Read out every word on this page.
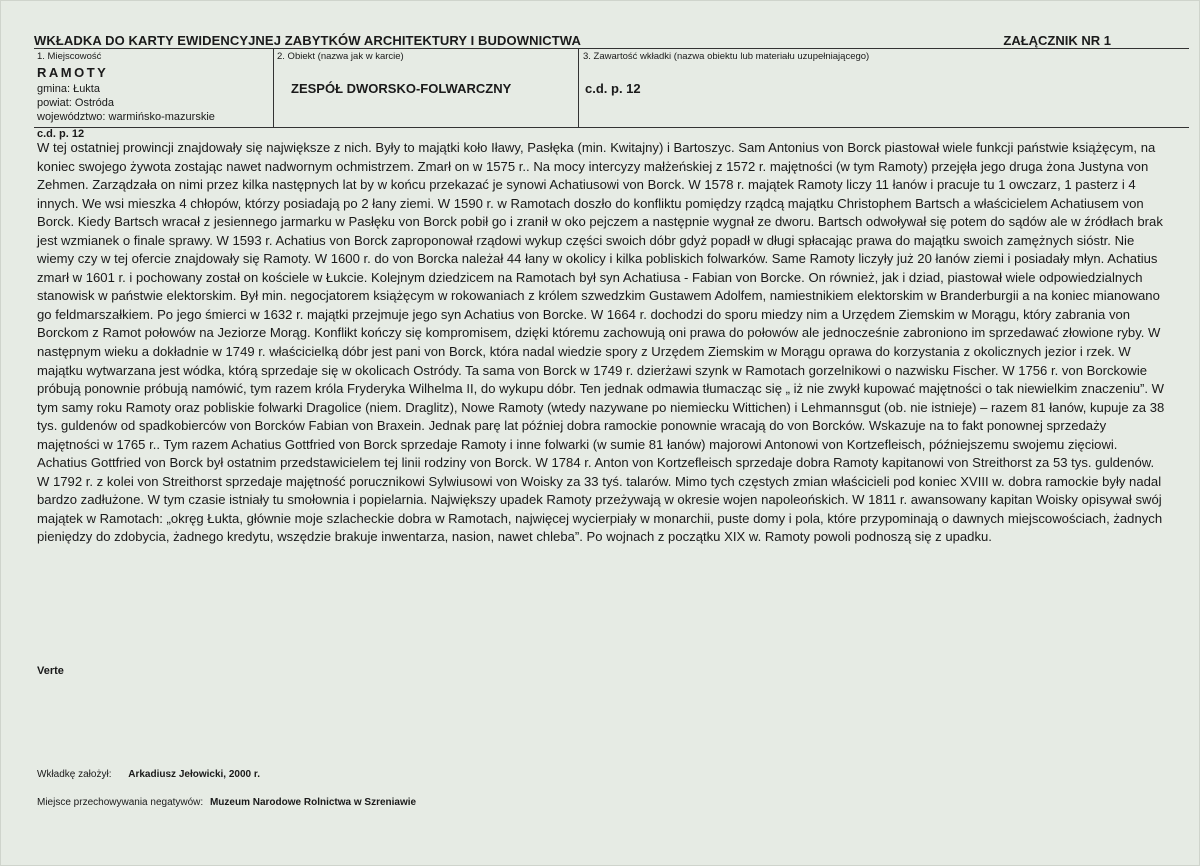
WKŁADKA DO KARTY EWIDENCYJNEJ ZABYTKÓW ARCHITEKTURY I BUDOWNICTWA	ZAŁĄCZNIK NR 1
1. Miejscowość
RAMOTY
gmina: Łukta
powiat: Ostróda
województwo: warmińsko-mazurskie
2. Obiekt (nazwa jak w karcie)
ZESPÓŁ DWORSKO-FOLWARCZNY
3. Zawartość wkładki (nazwa obiektu lub materiału uzupełniającego)
c.d. p. 12
c.d. p. 12

W tej ostatniej prowincji znajdowały się największe z nich. Były to majątki koło Iławy, Pasłęka (min. Kwitajny) i Bartoszyc. Sam Antonius von Borck piastował wiele funkcji państwie książęcym, na koniec swojego żywota zostając nawet nadwornym ochmistrzem. Zmarł on w 1575 r.. Na mocy intercyzy małżeńskiej z 1572 r. majętności (w tym Ramoty) przejęła jego druga żona Justyna von Zehmen. Zarządzała on nimi przez kilka następnych lat by w końcu przekazać je synowi Achatiusowi von Borck. W 1578 r. majątek Ramoty liczy 11 łanów i pracuje tu 1 owczarz, 1 pasterz i 4 innych. We wsi mieszka 4 chłopów, którzy posiadają po 2 łany ziemi. W 1590 r. w Ramotach doszło do konfliktu pomiędzy rządcą majątku Christophem Bartsch a właścicielem Achatiusem von Borck. Kiedy Bartsch wracał z jesiennego jarmarku w Pasłęku von Borck pobił go i zranił w oko pejczem a następnie wygnał ze dworu. Bartsch odwoływał się potem do sądów ale w źródłach brak jest wzmianek o finale sprawy. W 1593 r. Achatius von Borck zaproponował rządowi wykup części swoich dóbr gdyż popadł w długi spłacając prawa do majątku swoich zamężnych sióstr. Nie wiemy czy w tej ofercie znajdowały się Ramoty. W 1600 r. do von Borcka należał 44 łany w okolicy i kilka pobliskich folwarków. Same Ramoty liczyły już 20 łanów ziemi i posiadały młyn. Achatius zmarł w 1601 r. i pochowany został on kościele w Łukcie. Kolejnym dziedzicem na Ramotach był syn Achatiusa - Fabian von Borcke. On również, jak i dziad, piastował wiele odpowiedzialnych stanowisk w państwie elektorskim. Był min. negocjatorem książęcym w rokowaniach z królem szwedzkim Gustawem Adolfem, namiestnikiem elektorskim w Branderburgii a na koniec mianowano go feldmarszałkiem. Po jego śmierci w 1632 r. majątki przejmuje jego syn Achatius von Borcke. W 1664 r. dochodzi do sporu miedzy nim a Urzędem Ziemskim w Morągu, który zabrania von Borckom z Ramot połowów na Jeziorze Morąg. Konflikt kończy się kompromisem, dzięki któremu zachowują oni prawa do połowów ale jednocześnie zabroniono im sprzedawać złowione ryby. W następnym wieku a dokładnie w 1749 r. właścicielką dóbr jest pani von Borck, która nadal wiedzie spory z Urzędem Ziemskim w Morągu oprawa do korzystania z okolicznych jezior i rzek. W majątku wytwarzana jest wódka, którą sprzedaje się w okolicach Ostródy. Ta sama von Borck w 1749 r. dzierżawi szynk w Ramotach gorzelnikowi o nazwisku Fischer. W 1756 r. von Borckowie próbują ponownie próbują namówić, tym razem króla Fryderyka Wilhelma II, do wykupu dóbr. Ten jednak odmawia tłumacząc się „ iż nie zwykł kupować majętności o tak niewielkim znaczeniu”. W tym samy roku Ramoty oraz pobliskie folwarki Dragolice (niem. Draglitz), Nowe Ramoty (wtedy nazywane po niemiecku Wittichen) i Lehmannsgut (ob. nie istnieje) – razem 81 łanów, kupuje za 38 tys. guldenów od spadkobierców von Borcków Fabian von Braxein. Jednak parę lat później dobra ramockie ponownie wracają do von Borcków. Wskazuje na to fakt ponownej sprzedaży majętności w 1765 r.. Tym razem Achatius Gottfried von Borck sprzedaje Ramoty i inne folwarki (w sumie 81 łanów) majorowi Antonowi von Kortzefleisch, późniejszemu swojemu zięciowi. Achatius Gottfried von Borck był ostatnim przedstawicielem tej linii rodziny von Borck. W 1784 r. Anton von Kortzefleisch sprzedaje dobra Ramoty kapitanowi von Streithorst za 53 tys. guldenów. W 1792 r. z kolei von Streithorst sprzedaje majętność porucznikowi Sylwiusowi von Woisky za 33 tyś. talarów. Mimo tych częstych zmian właścicieli pod koniec XVIII w. dobra ramockie były nadal bardzo zadłużone. W tym czasie istniały tu smołownia i popielarnia. Największy upadek Ramoty przeżywają w okresie wojen napoleońskich. W 1811 r. awansowany kapitan Woisky opisywał swój majątek w Ramotach: „okręg Łukta, głównie moje szlacheckie dobra w Ramotach, najwięcej wycierpiały w monarchii, puste domy i pola, które przypominają o dawnych miejscowościach, żadnych pieniędzy do zdobycia, żadnego kredytu, wszędzie brakuje inwentarza, nasion, nawet chleba”. Po wojnach z początku XIX w. Ramoty powoli podnoszą się z upadku.

Verte
Wkładkę założył: Arkadiusz Jełowicki, 2000 r.
Miejsce przechowywania negatywów: Muzeum Narodowe Rolnictwa w Szreniawie
